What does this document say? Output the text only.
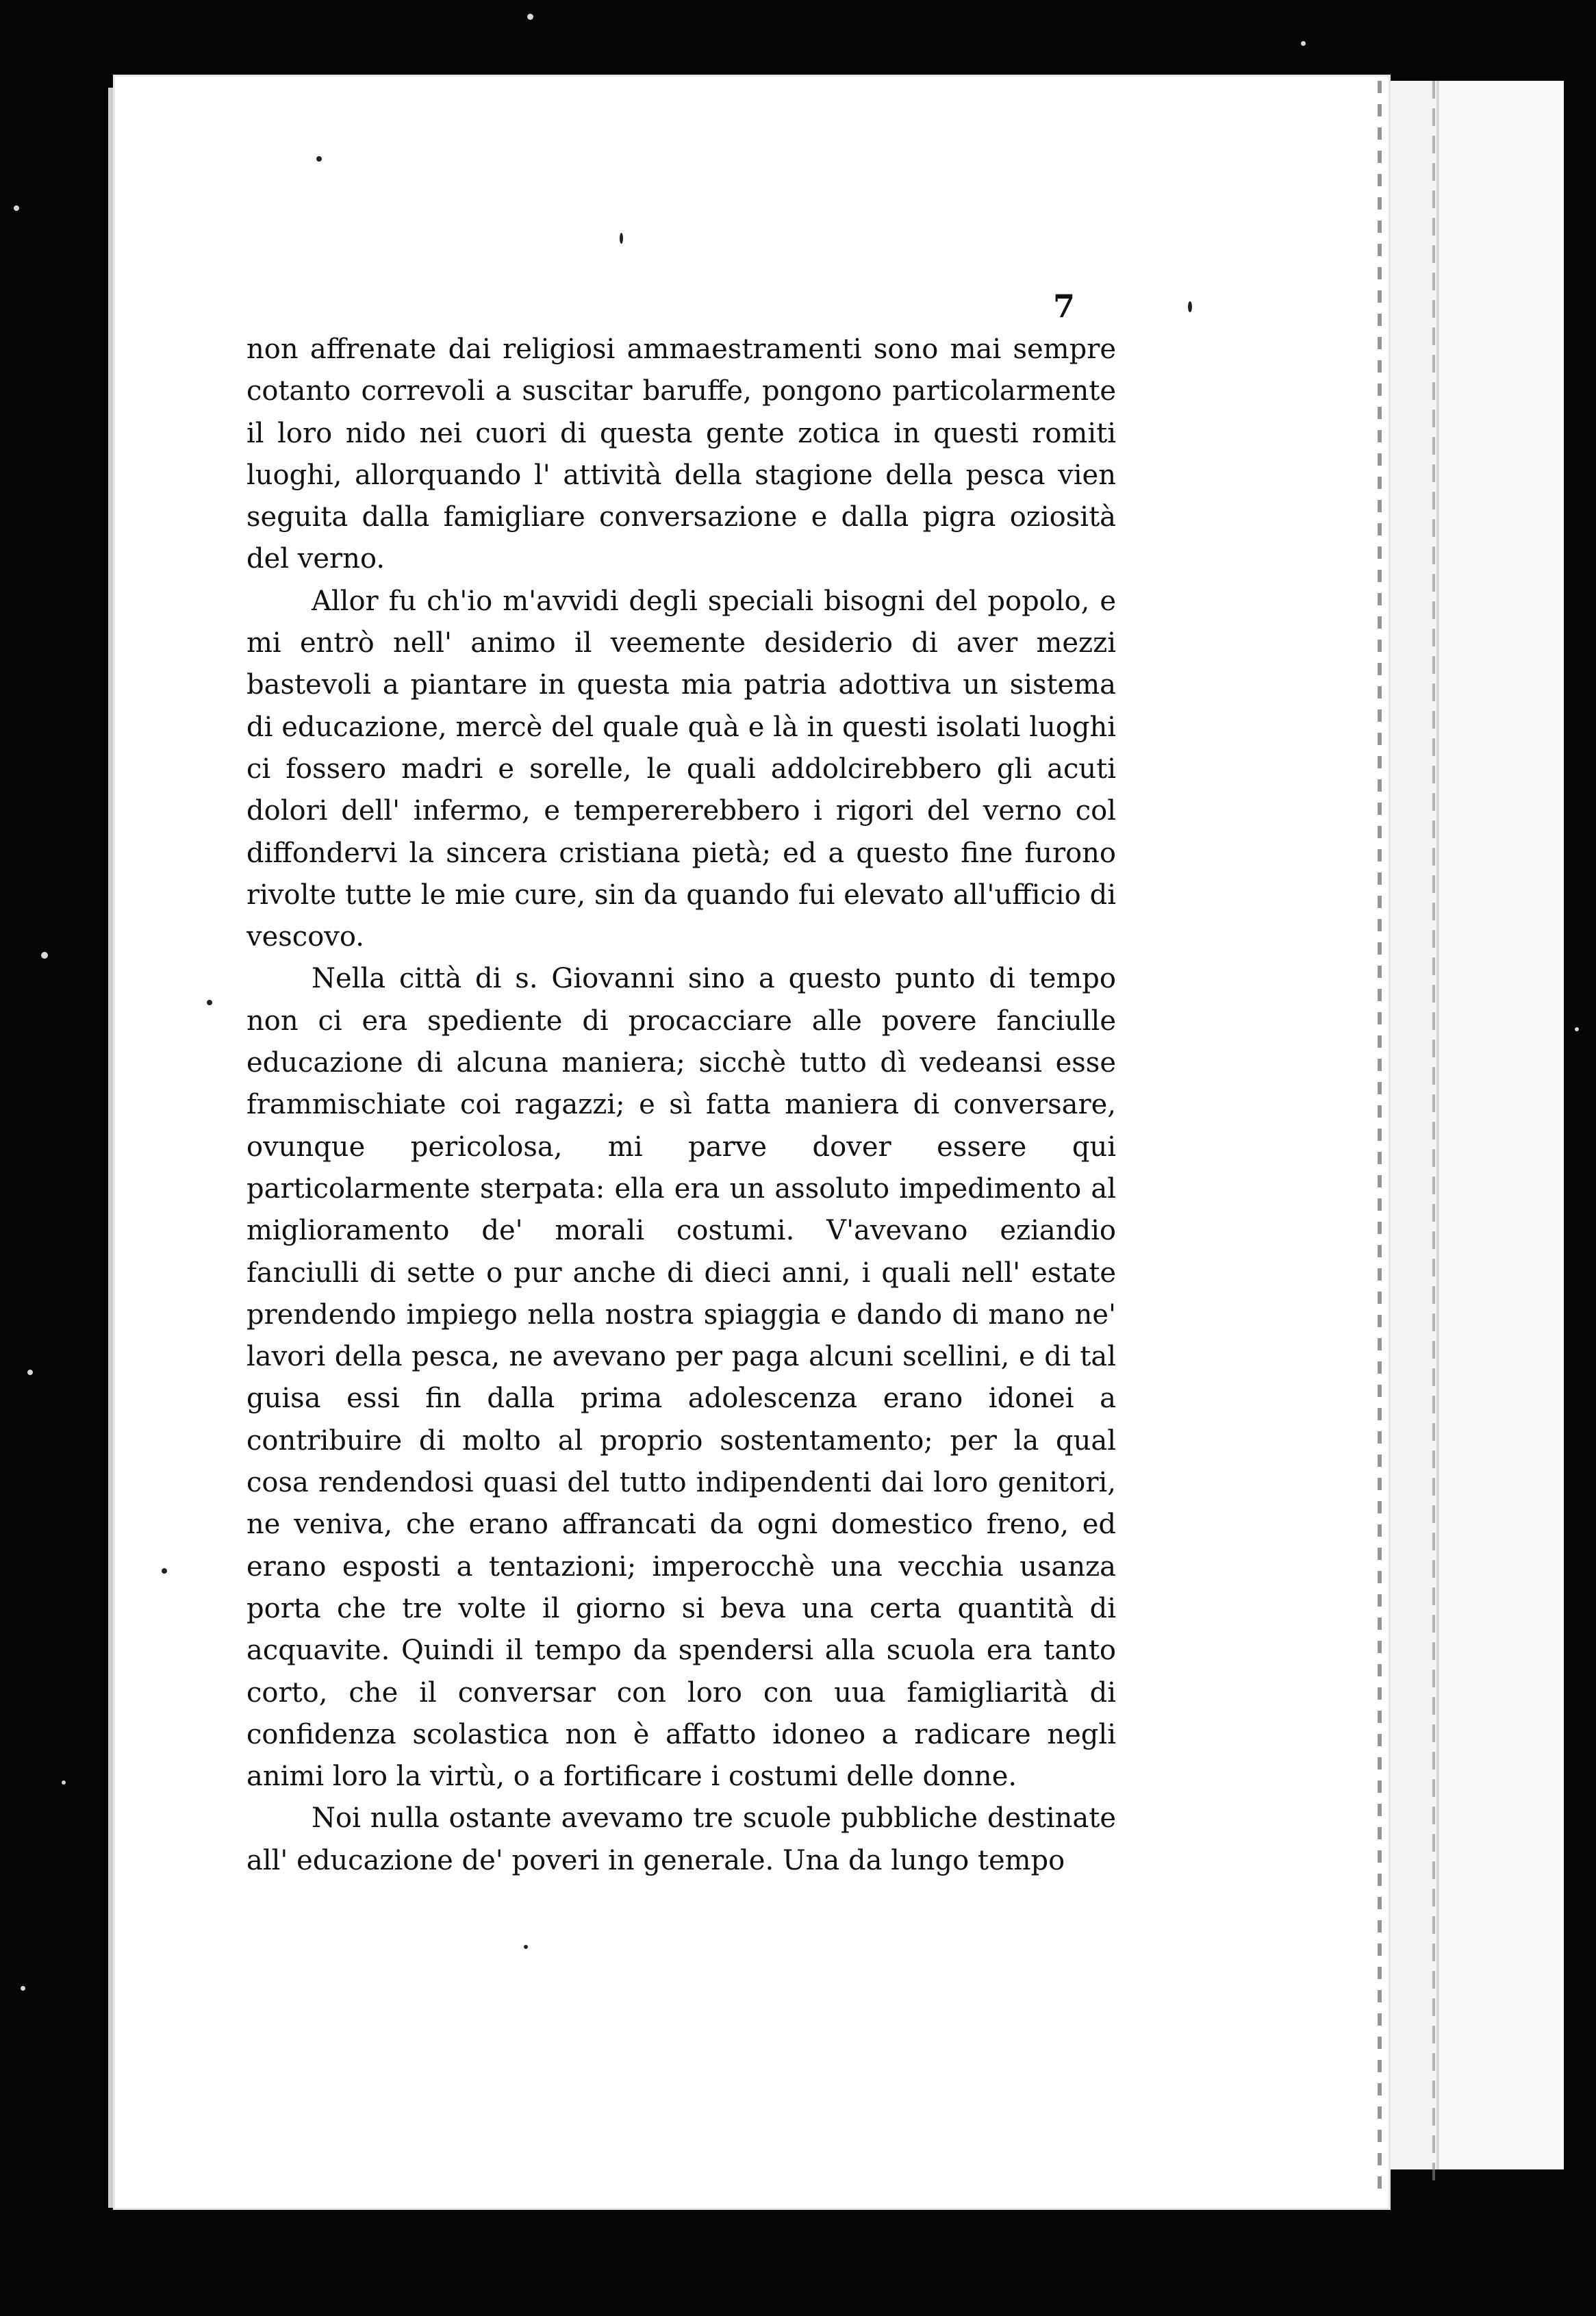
7

non affrenate dai religiosi ammaestramenti sono mai sempre cotanto correvoli a suscitar baruffe, pongono particolarmente il loro nido nei cuori di questa gente zotica in questi romiti luoghi, allorquando l' attività della stagione della pesca vien seguita dalla famigliare conversazione e dalla pigra oziosità del verno.

Allor fu ch'io m'avvidi degli speciali bisogni del popolo, e mi entrò nell' animo il veemente desiderio di aver mezzi bastevoli a piantare in questa mia patria adottiva un sistema di educazione, mercè del quale quà e là in questi isolati luoghi ci fossero madri e sorelle, le quali addolcirebbero gli acuti dolori dell' infermo, e tempererebbero i rigori del verno col diffondervi la sincera cristiana pietà; ed a questo fine furono rivolte tutte le mie cure, sin da quando fui elevato all'ufficio di vescovo.

Nella città di s. Giovanni sino a questo punto di tempo non ci era spediente di procacciare alle povere fanciulle educazione di alcuna maniera; sicchè tutto dì vedeansi esse frammischiate coi ragazzi; e sì fatta maniera di conversare, ovunque pericolosa, mi parve dover essere qui particolarmente sterpata: ella era un assoluto impedimento al miglioramento de' morali costumi. V'avevano eziandio fanciulli di sette o pur anche di dieci anni, i quali nell' estate prendendo impiego nella nostra spiaggia e dando di mano ne' lavori della pesca, ne avevano per paga alcuni scellini, e di tal guisa essi fin dalla prima adolescenza erano idonei a contribuire di molto al proprio sostentamento; per la qual cosa rendendosi quasi del tutto indipendenti dai loro genitori, ne veniva, che erano affrancati da ogni domestico freno, ed erano esposti a tentazioni; imperocchè una vecchia usanza porta che tre volte il giorno si beva una certa quantità di acquavite. Quindi il tempo da spendersi alla scuola era tanto corto, che il conversar con loro con uua famigliarità di confidenza scolastica non è affatto idoneo a radicare negli animi loro la virtù, o a fortificare i costumi delle donne.

Noi nulla ostante avevamo tre scuole pubbliche destinate all' educazione de' poveri in generale. Una da lungo tempo
